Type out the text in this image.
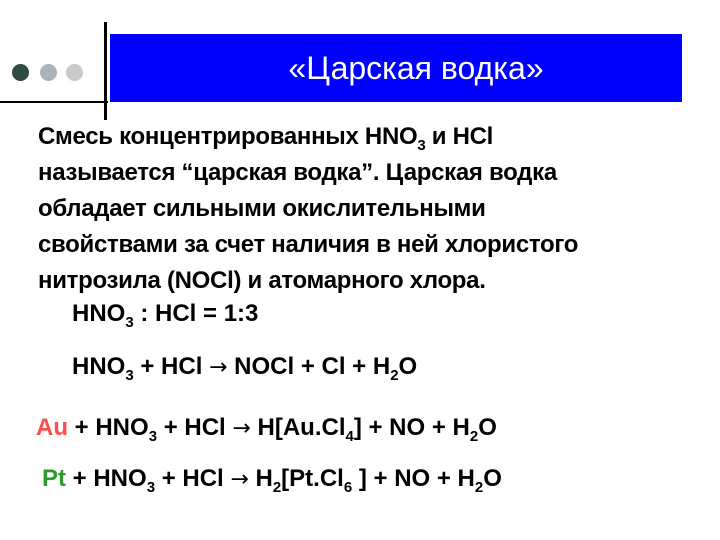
«Царская водка»
Смесь концентрированных $HNO_3$ и HCl
называется “царская водка”. Царская водка
обладает сильными окислительными
свойствами за счет наличия в ней хлористого
нитрозила (NOCl) и атомарного хлора.
$HNO_3$ : HCl = 1:3
$HNO_3$ + HCl → NOCl + $Cl + H_2O$
$Au + HNO_3$ + HCl → $H[Au.Cl_4]$ + NO + $H_2O$
$Pt + HNO_3$ + HCl → $H_2[Pt.Cl_6$ ] + NO + $H_2O$
